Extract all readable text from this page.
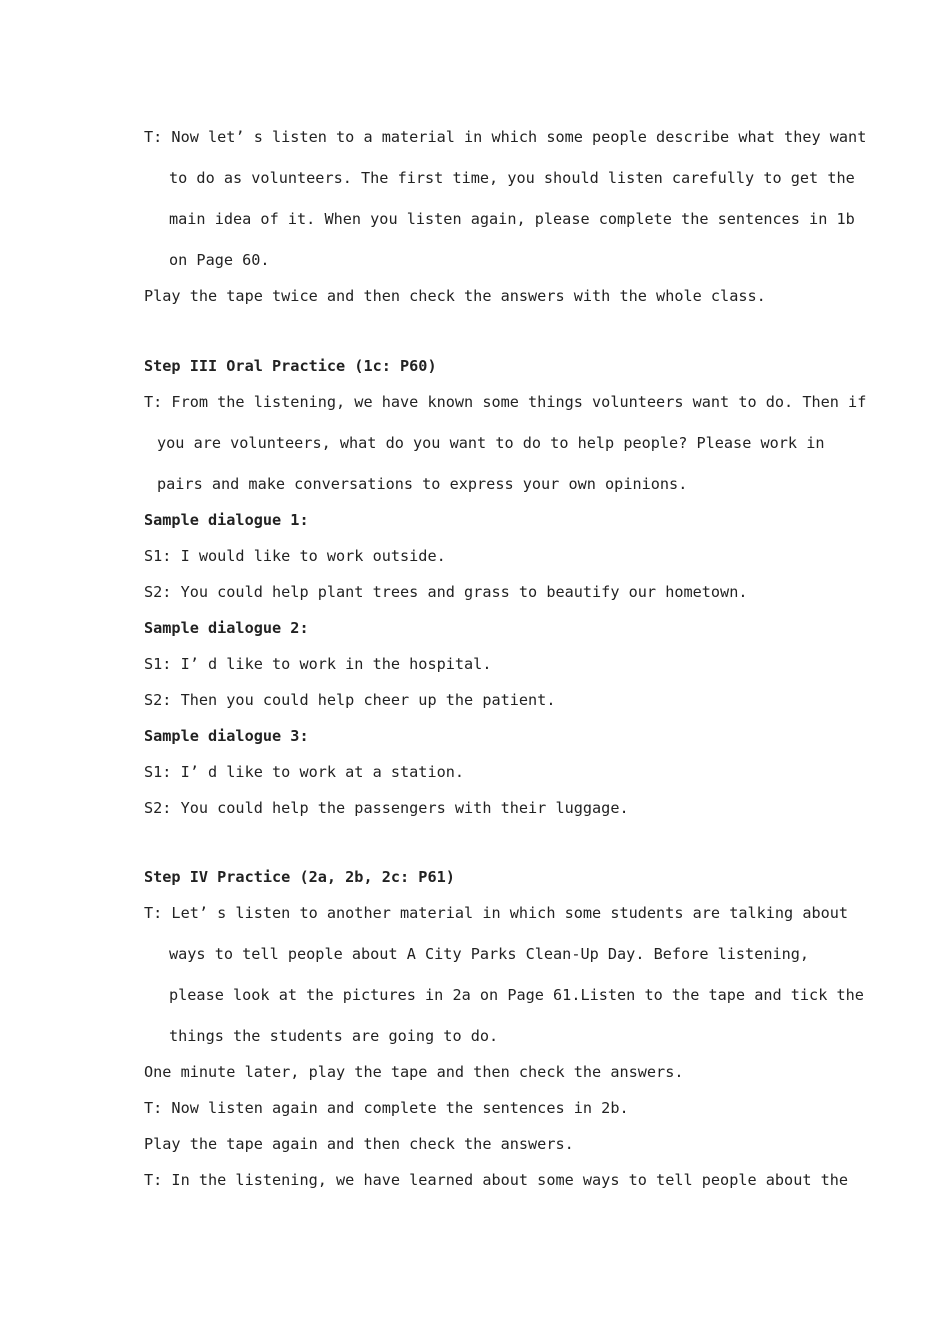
T: Now let’ s listen to a material in which some people describe what they want
to do as volunteers. The first time, you should listen carefully to get the
main idea of it. When you listen again, please complete the sentences in 1b
on Page 60.
Play the tape twice and then check the answers with the whole class.
Step III Oral Practice (1c: P60)
T: From the listening, we have known some things volunteers want to do. Then if
you are volunteers, what do you want to do to help people? Please work in
pairs and make conversations to express your own opinions.
Sample dialogue 1:
S1: I would like to work outside.
S2: You could help plant trees and grass to beautify our hometown.
Sample dialogue 2:
S1: I’ d like to work in the hospital.
S2: Then you could help cheer up the patient.
Sample dialogue 3:
S1: I’ d like to work at a station.
S2: You could help the passengers with their luggage.
Step IV Practice (2a, 2b, 2c: P61)
T: Let’ s listen to another material in which some students are talking about
ways to tell people about A City Parks Clean-Up Day. Before listening,
please look at the pictures in 2a on Page 61.Listen to the tape and tick the
things the students are going to do.
One minute later, play the tape and then check the answers.
T: Now listen again and complete the sentences in 2b.
Play the tape again and then check the answers.
T: In the listening, we have learned about some ways to tell people about the
